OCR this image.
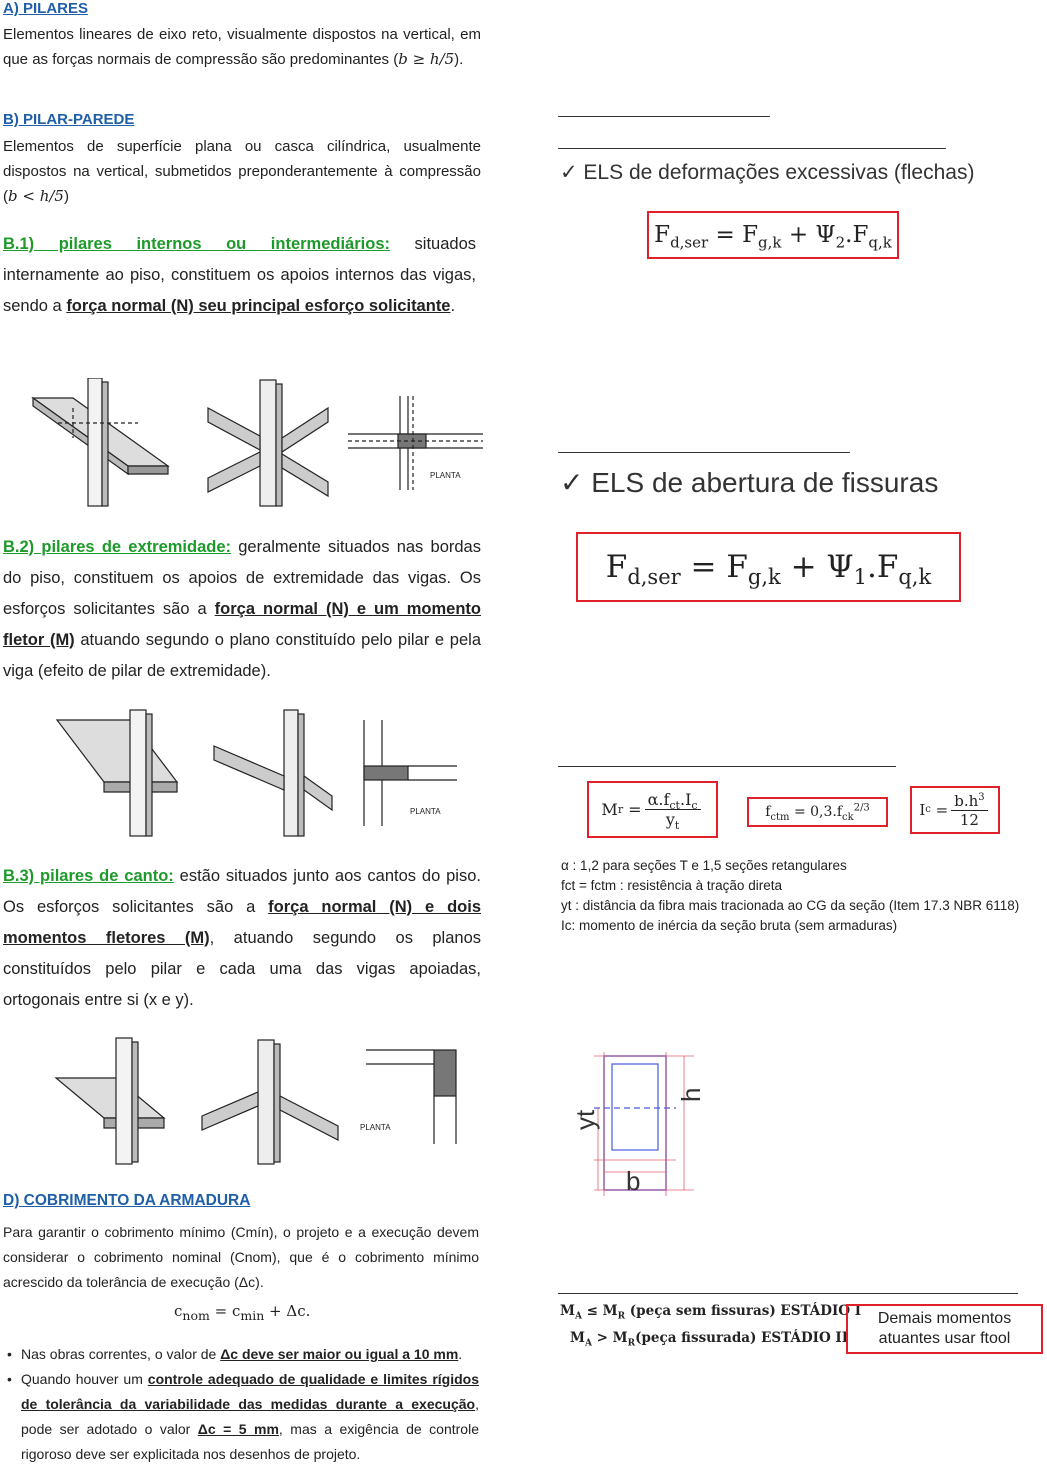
A) PILARES
Elementos lineares de eixo reto, visualmente dispostos na vertical, em que as forças normais de compressão são predominantes (b ≥ h/5).
B) PILAR-PAREDE
Elementos de superfície plana ou casca cilíndrica, usualmente dispostos na vertical, submetidos preponderantemente à compressão (b < h/5)
B.1) pilares internos ou intermediários: situados internamente ao piso, constituem os apoios internos das vigas, sendo a força normal (N) seu principal esforço solicitante.
PLANTA
B.2) pilares de extremidade: geralmente situados nas bordas do piso, constituem os apoios de extremidade das vigas. Os esforços solicitantes são a força normal (N) e um momento fletor (M) atuando segundo o plano constituído pelo pilar e pela viga (efeito de pilar de extremidade).
PLANTA
B.3) pilares de canto: estão situados junto aos cantos do piso. Os esforços solicitantes são a força normal (N) e dois momentos fletores (M), atuando segundo os planos constituídos pelo pilar e cada uma das vigas apoiadas, ortogonais entre si (x e y).
PLANTA
D) COBRIMENTO DA ARMADURA
Para garantir o cobrimento mínimo (Cmín), o projeto e a execução devem considerar o cobrimento nominal (Cnom), que é o cobrimento mínimo acrescido da tolerância de execução (Δc).
$c_{nom} = c_{min} + \Delta c$.
• Nas obras correntes, o valor de Δc deve ser maior ou igual a 10 mm.
• Quando houver um controle adequado de qualidade e limites rígidos de tolerância da variabilidade das medidas durante a execução, pode ser adotado o valor Δc = 5 mm, mas a exigência de controle rigoroso deve ser explicitada nos desenhos de projeto.
✓ ELS de deformações excessivas (flechas)
$F_{d,ser} = F_{g,k} + \Psi_2.F_{q,k}$
✓ ELS de abertura de fissuras
$F_{d,ser} = F_{g,k} + \Psi_1.F_{q,k}$
M $r = \frac{\alpha.f_{ct}.I_c}{y_t}$	$f_{ctm} = 0,3.f_{ck}^{2/3}$	I $c = \frac{b.h^3}{12}$
α : 1,2 para seções T e 1,5 seções retangulares
fct = fctm : resistência à tração direta
yt : distância da fibra mais tracionada ao CG da seção (Item 17.3 NBR 6118)
Ic: momento de inércia da seção bruta (sem armaduras)
yt
h
b
$M_A \le M_R$ (peça sem fissuras) ESTÁDIO I
$M_A$ > $M_R(peça$ fissurada) ESTÁDIO II
Demais momentos atuantes usar ftool
